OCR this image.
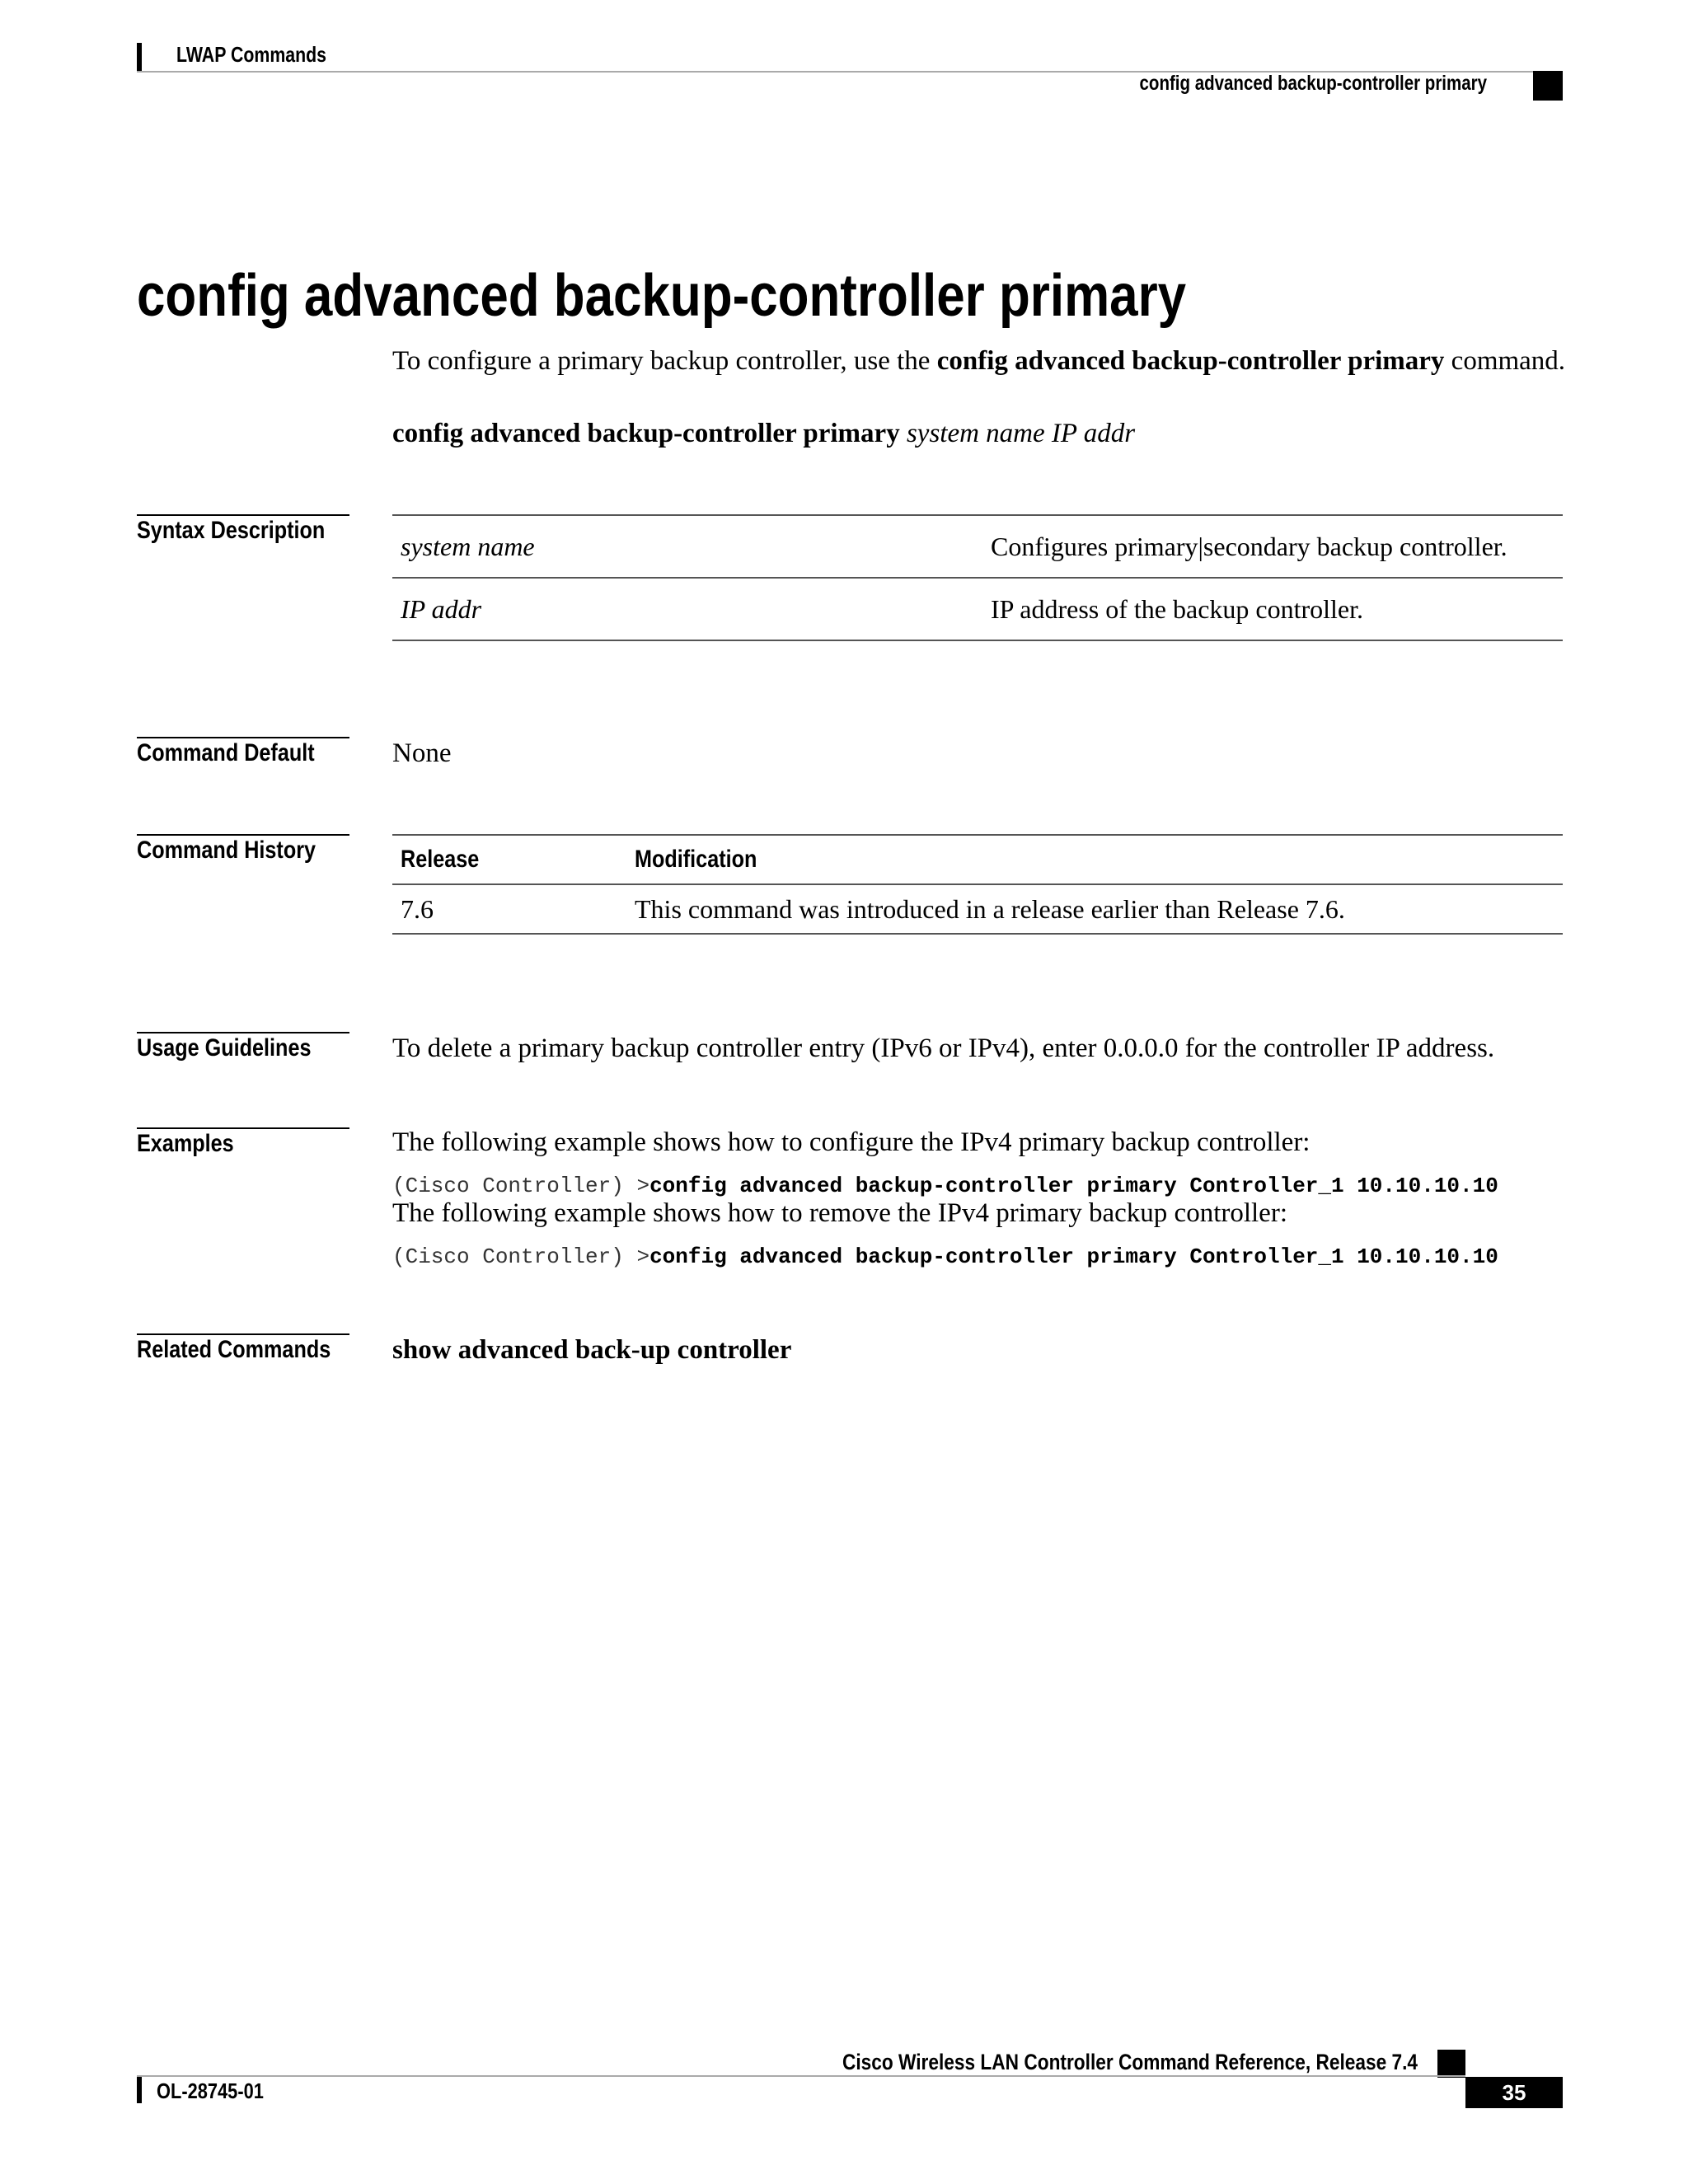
LWAP Commands
config advanced backup-controller primary
config advanced backup-controller primary
To configure a primary backup controller, use the config advanced backup-controller primary command.
config advanced backup-controller primary system name IP addr
Syntax Description
system name	Configures primary|secondary backup controller.
IP addr	IP address of the backup controller.
Command Default	None
Command History	Release	Modification
7.6	This command was introduced in a release earlier than Release 7.6.
Usage Guidelines	To delete a primary backup controller entry (IPv6 or IPv4), enter 0.0.0.0 for the controller IP address.
Examples	The following example shows how to configure the IPv4 primary backup controller:
(Cisco Controller) >config advanced backup-controller primary Controller_1 10.10.10.10
The following example shows how to remove the IPv4 primary backup controller:
(Cisco Controller) >config advanced backup-controller primary Controller_1 10.10.10.10
Related Commands	show advanced back-up controller
Cisco Wireless LAN Controller Command Reference, Release 7.4
35
OL-28745-01
